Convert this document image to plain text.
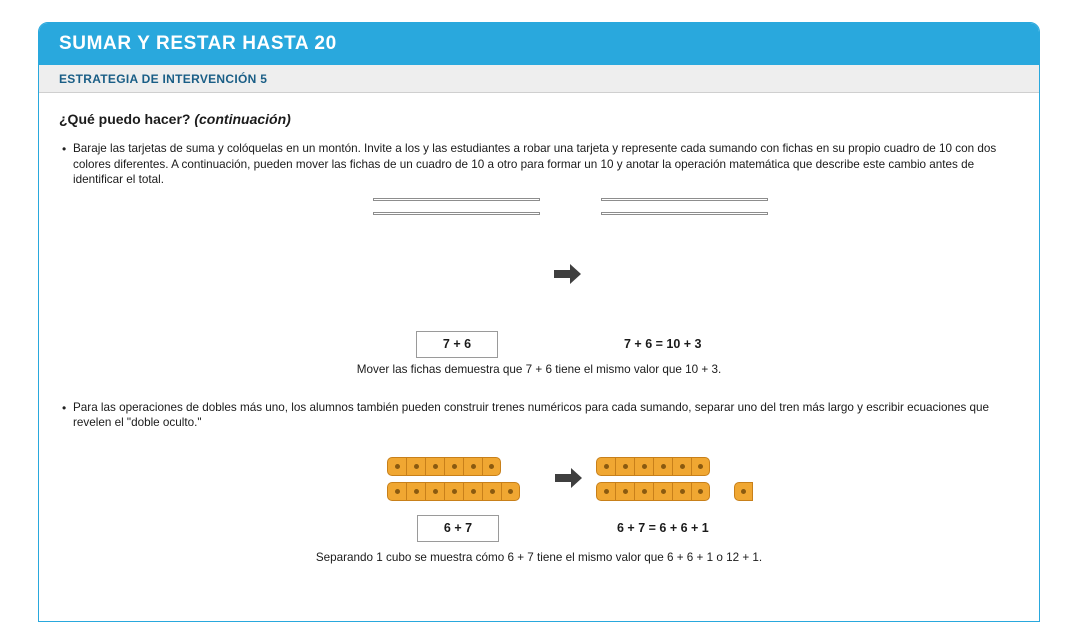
SUMAR Y RESTAR HASTA 20
ESTRATEGIA DE INTERVENCIÓN 5
¿Qué puedo hacer? (continuación)
• Baraje las tarjetas de suma y colóquelas en un montón. Invite a los y las estudiantes a robar una tarjeta y represente cada sumando con fichas en su propio cuadro de 10 con dos colores diferentes. A continuación, pueden mover las fichas de un cuadro de 10 a otro para formar un 10 y anotar la operación matemática que describe este cambio antes de identificar el total.
7 + 6	7 + 6 = 10 + 3
Mover las fichas demuestra que 7 + 6 tiene el mismo valor que 10 + 3.
• Para las operaciones de dobles más uno, los alumnos también pueden construir trenes numéricos para cada sumando, separar uno del tren más largo y escribir ecuaciones que revelen el "doble oculto."
6 + 7	6 + 7 = 6 + 6 + 1
Separando 1 cubo se muestra cómo 6 + 7 tiene el mismo valor que 6 + 6 + 1 o 12 + 1.
